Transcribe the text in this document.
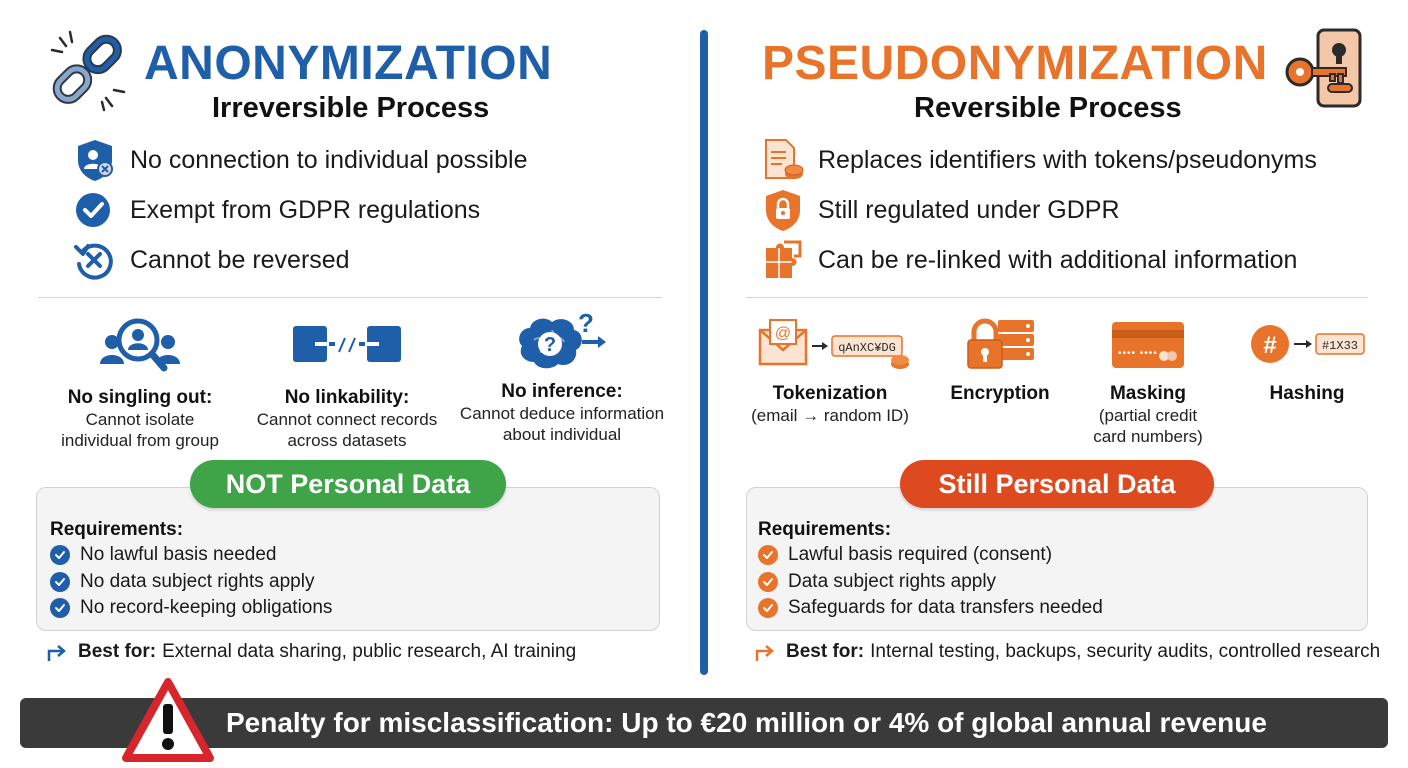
ANONYMIZATION
Irreversible Process
No connection to individual possible
Exempt from GDPR regulations
Cannot be reversed
No singling out:
Cannot isolate
individual from group
No linkability:
Cannot connect records
across datasets
?
?
No inference:
Cannot deduce information
about individual
NOT Personal Data
Requirements:
No lawful basis needed
No data subject rights apply
No record-keeping obligations
Best for: External data sharing, public research, AI training
PSEUDONYMIZATION
Reversible Process
Replaces identifiers with tokens/pseudonyms
Still regulated under GDPR
Can be re-linked with additional information
@
qAnXC¥DG
Tokenization
(email → random ID)
Encryption
•••• ••••
Masking
(partial credit
card numbers)
#	#1X33
Hashing
Still Personal Data
Requirements:
Lawful basis required (consent)
Data subject rights apply
Safeguards for data transfers needed
Best for: Internal testing, backups, security audits, controlled research
Penalty for misclassification: Up to €20 million or 4% of global annual revenue
